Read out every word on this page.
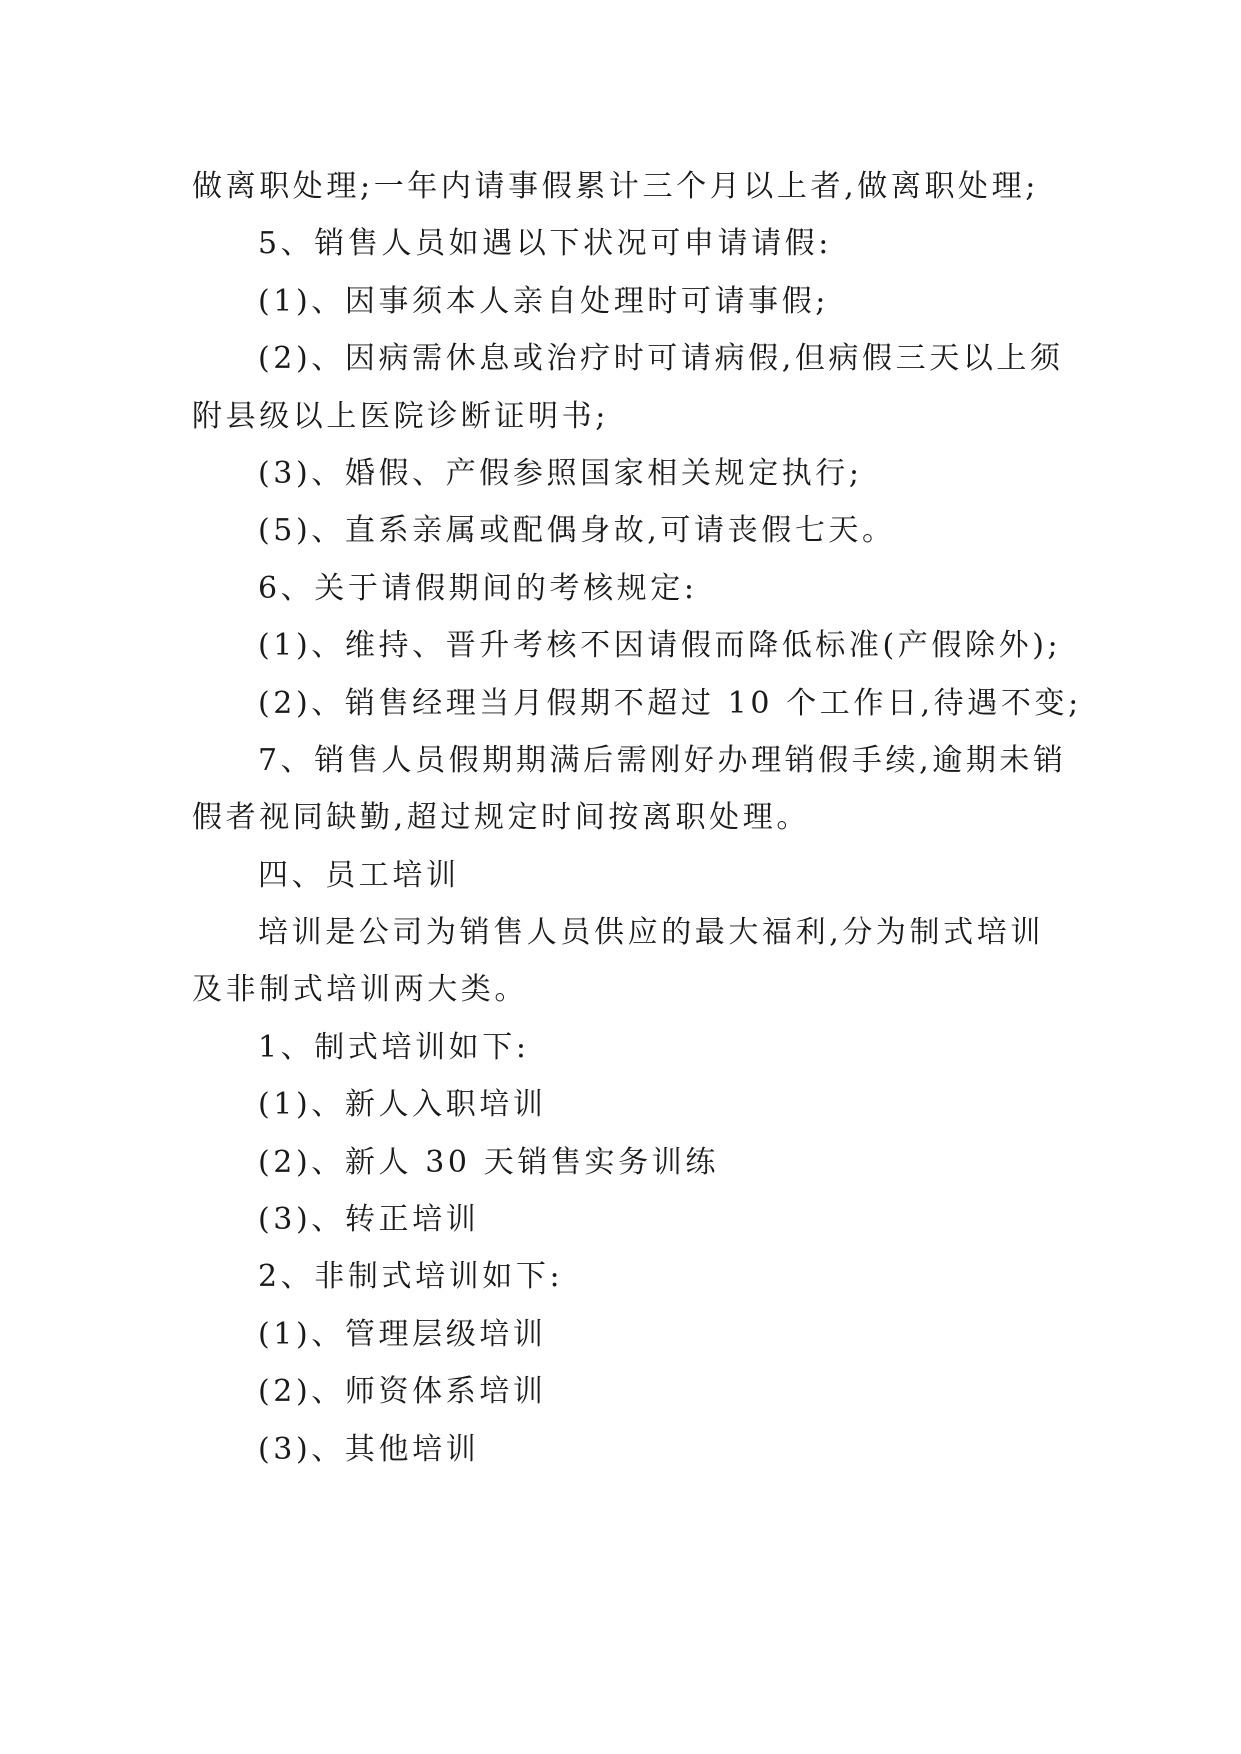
做离职处理;一年内请事假累计三个月以上者,做离职处理;
5、销售人员如遇以下状况可申请请假:
(1)、因事须本人亲自处理时可请事假;
(2)、因病需休息或治疗时可请病假,但病假三天以上须
附县级以上医院诊断证明书;
(3)、婚假、产假参照国家相关规定执行;
(5)、直系亲属或配偶身故,可请丧假七天。
6、关于请假期间的考核规定:
(1)、维持、晋升考核不因请假而降低标准(产假除外);
(2)、销售经理当月假期不超过 10 个工作日,待遇不变;
7、销售人员假期期满后需刚好办理销假手续,逾期未销
假者视同缺勤,超过规定时间按离职处理。
四、员工培训
培训是公司为销售人员供应的最大福利,分为制式培训
及非制式培训两大类。
1、制式培训如下:
(1)、新人入职培训
(2)、新人 30 天销售实务训练
(3)、转正培训
2、非制式培训如下:
(1)、管理层级培训
(2)、师资体系培训
(3)、其他培训
